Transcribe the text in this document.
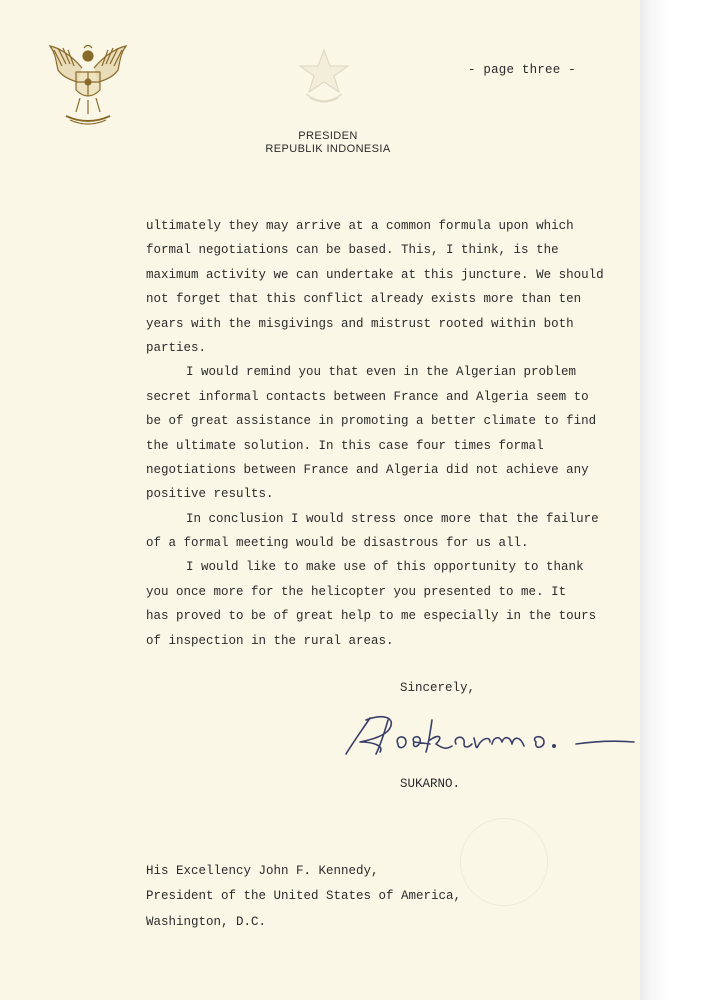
· · · · ·
- page three -
PRESIDEN
REPUBLIK INDONESIA
ultimately they may arrive at a common formula upon which
formal negotiations can be based. This, I think, is the
maximum activity we can undertake at this juncture. We should
not forget that this conflict already exists more than ten
years with the misgivings and mistrust rooted within both
parties.
I would remind you that even in the Algerian problem
secret informal contacts between France and Algeria seem to
be of great assistance in promoting a better climate to find
the ultimate solution. In this case four times formal
negotiations between France and Algeria did not achieve any
positive results.
In conclusion I would stress once more that the failure
of a formal meeting would be disastrous for us all.
I would like to make use of this opportunity to thank
you once more for the helicopter you presented to me. It
has proved to be of great help to me especially in the tours
of inspection in the rural areas.
Sincerely,
SUKARNO.
His Excellency John F. Kennedy,
President of the United States of America,
Washington, D.C.
